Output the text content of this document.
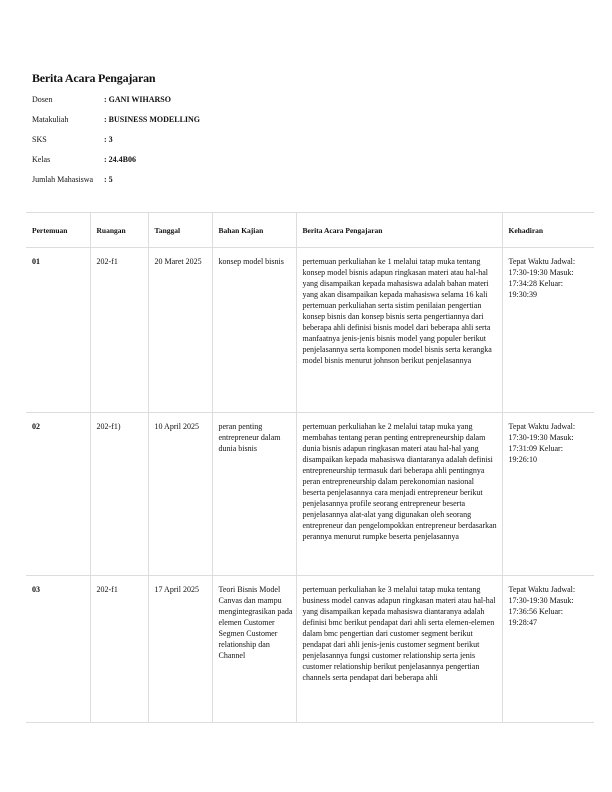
Berita Acara Pengajaran
Dosen	: GANI WIHARSO
Matakuliah	: BUSINESS MODELLING
SKS	: 3
Kelas	: 24.4B06
Jumlah Mahasiswa	: 5
Pertemuan	Ruangan	Tanggal	Bahan Kajian	Berita Acara Pengajaran	Kehadiran
01	202-f1	20 Maret 2025	konsep model bisnis	pertemuan perkuliahan ke 1 melalui tatap muka tentang konsep model bisnis adapun ringkasan materi atau hal-hal yang disampaikan kepada mahasiswa adalah bahan materi yang akan disampaikan kepada mahasiswa selama 16 kali pertemuan perkuliahan serta sistim penilaian pengertian konsep bisnis dan konsep bisnis serta pengertiannya dari beberapa ahli definisi bisnis model dari beberapa ahli serta manfaatnya jenis-jenis bisnis model yang populer berikut penjelasannya serta komponen model bisnis serta kerangka model bisnis menurut johnson berikut penjelasannya	Tepat Waktu Jadwal: 17:30-19:30 Masuk: 17:34:28 Keluar: 19:30:39
02	202-f1)	10 April 2025	peran penting entrepreneur dalam dunia bisnis	pertemuan perkuliahan ke 2 melalui tatap muka yang membahas tentang peran penting entrepreneurship dalam dunia bisnis adapun ringkasan materi atau hal-hal yang disampaikan kepada mahasiswa diantaranya adalah definisi entrepreneurship termasuk dari beberapa ahli pentingnya peran entrepreneurship dalam perekonomian nasional beserta penjelasannya cara menjadi entrepreneur berikut penjelasannya profile seorang entrepreneur beserta penjelasannya alat-alat yang digunakan oleh seorang entrepreneur dan pengelompokkan entrepreneur berdasarkan perannya menurut rumpke beserta penjelasannya	Tepat Waktu Jadwal: 17:30-19:30 Masuk: 17:31:09 Keluar: 19:26:10
03	202-f1	17 April 2025	Teori Bisnis Model Canvas dan mampu mengintegrasikan pada elemen Customer Segmen Customer relationship dan Channel	pertemuan perkuliahan ke 3 melalui tatap muka tentang business model canvas adapun ringkasan materi atau hal-hal yang disampaikan kepada mahasiswa diantaranya adalah definisi bmc berikut pendapat dari ahli serta elemen-elemen dalam bmc pengertian dari customer segment berikut pendapat dari ahli jenis-jenis customer segment berikut penjelasannya fungsi customer relationship serta jenis customer relationship berikut penjelasannya pengertian channels serta pendapat dari beberapa ahli	Tepat Waktu Jadwal: 17:30-19:30 Masuk: 17:36:56 Keluar: 19:28:47
